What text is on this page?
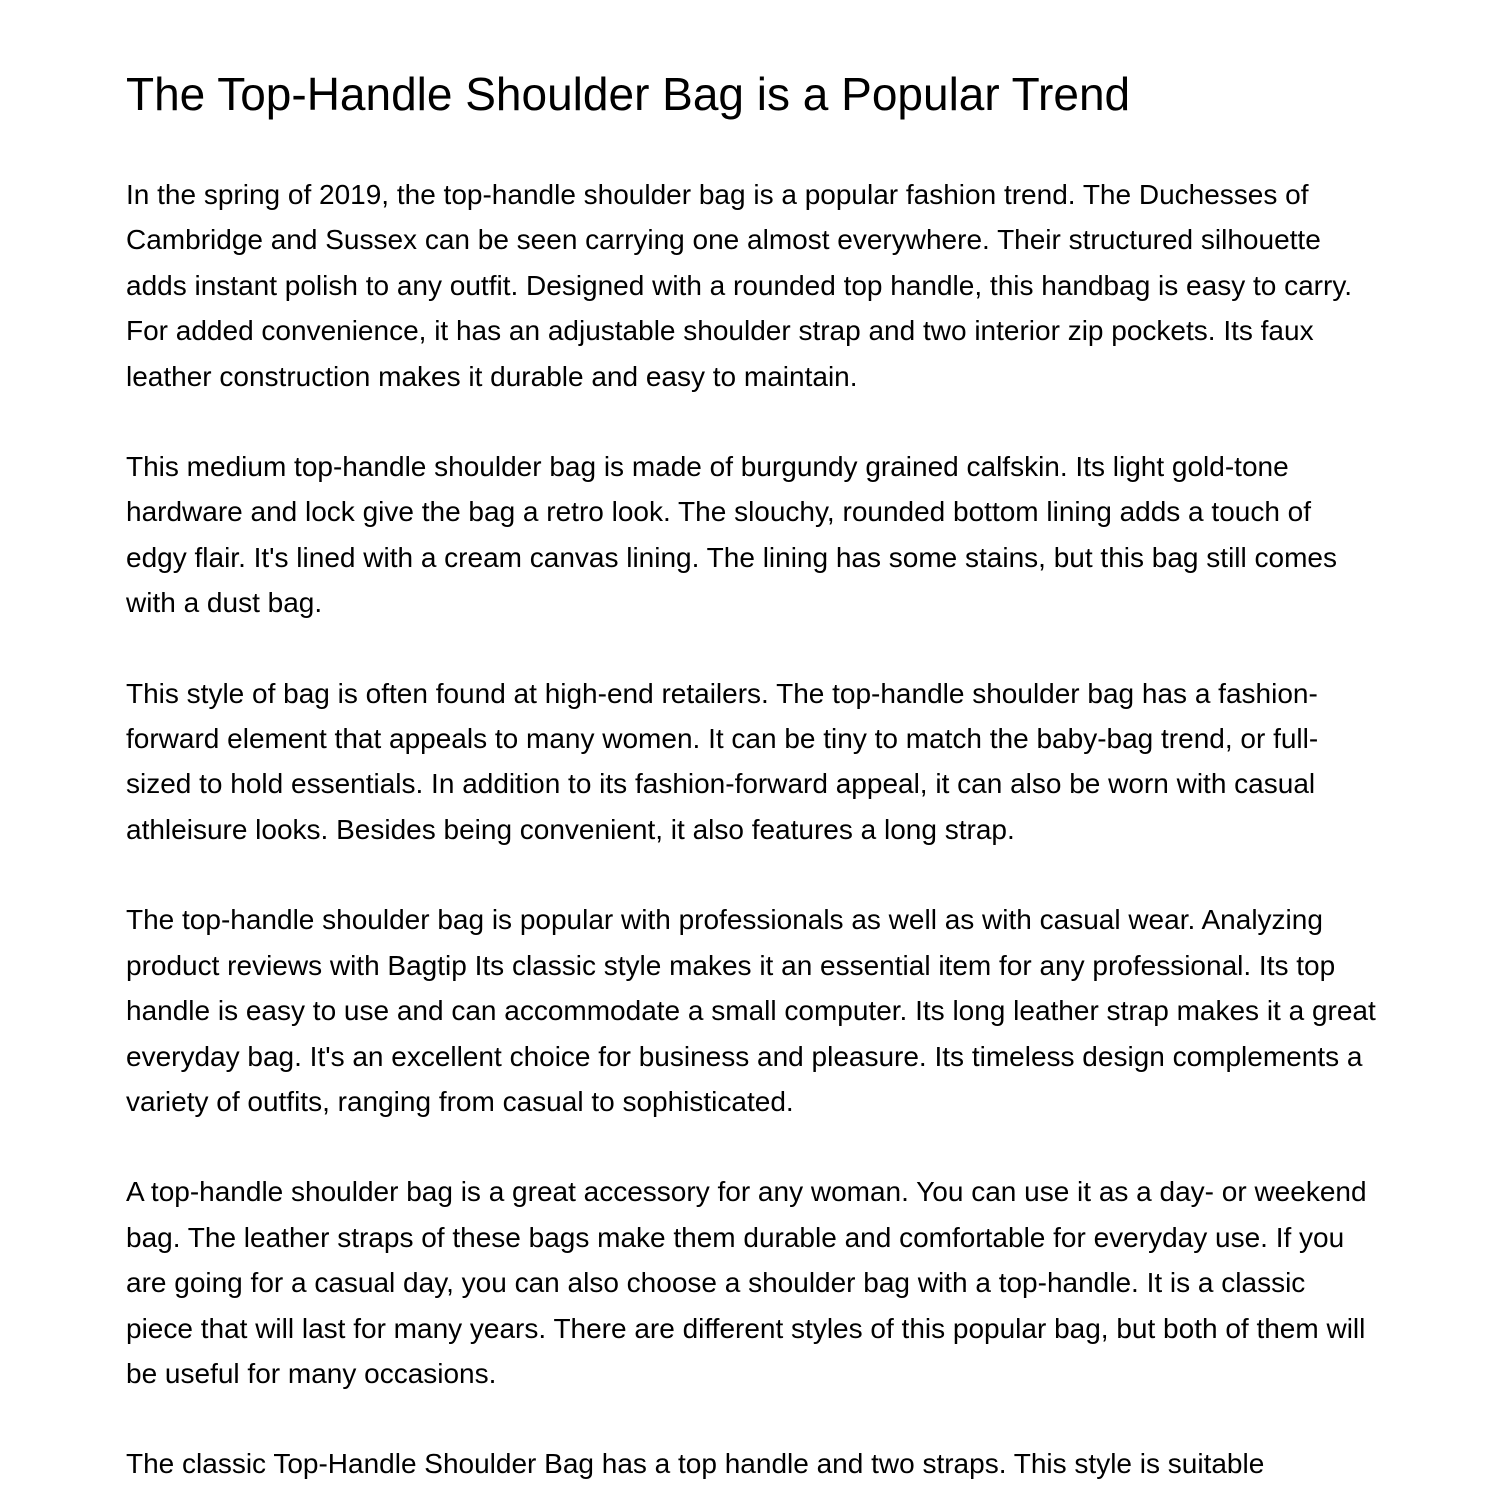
The Top-Handle Shoulder Bag is a Popular Trend

In the spring of 2019, the top-handle shoulder bag is a popular fashion trend. The Duchesses of Cambridge and Sussex can be seen carrying one almost everywhere. Their structured silhouette adds instant polish to any outfit. Designed with a rounded top handle, this handbag is easy to carry. For added convenience, it has an adjustable shoulder strap and two interior zip pockets. Its faux leather construction makes it durable and easy to maintain.

This medium top-handle shoulder bag is made of burgundy grained calfskin. Its light gold-tone hardware and lock give the bag a retro look. The slouchy, rounded bottom lining adds a touch of edgy flair. It's lined with a cream canvas lining. The lining has some stains, but this bag still comes with a dust bag.

This style of bag is often found at high-end retailers. The top-handle shoulder bag has a fashion-forward element that appeals to many women. It can be tiny to match the baby-bag trend, or full-sized to hold essentials. In addition to its fashion-forward appeal, it can also be worn with casual athleisure looks. Besides being convenient, it also features a long strap.

The top-handle shoulder bag is popular with professionals as well as with casual wear. Analyzing product reviews with Bagtip Its classic style makes it an essential item for any professional. Its top handle is easy to use and can accommodate a small computer. Its long leather strap makes it a great everyday bag. It's an excellent choice for business and pleasure. Its timeless design complements a variety of outfits, ranging from casual to sophisticated.

A top-handle shoulder bag is a great accessory for any woman. You can use it as a day- or weekend bag. The leather straps of these bags make them durable and comfortable for everyday use. If you are going for a casual day, you can also choose a shoulder bag with a top-handle. It is a classic piece that will last for many years. There are different styles of this popular bag, but both of them will be useful for many occasions.

The classic Top-Handle Shoulder Bag has a top handle and two straps. This style is suitable
